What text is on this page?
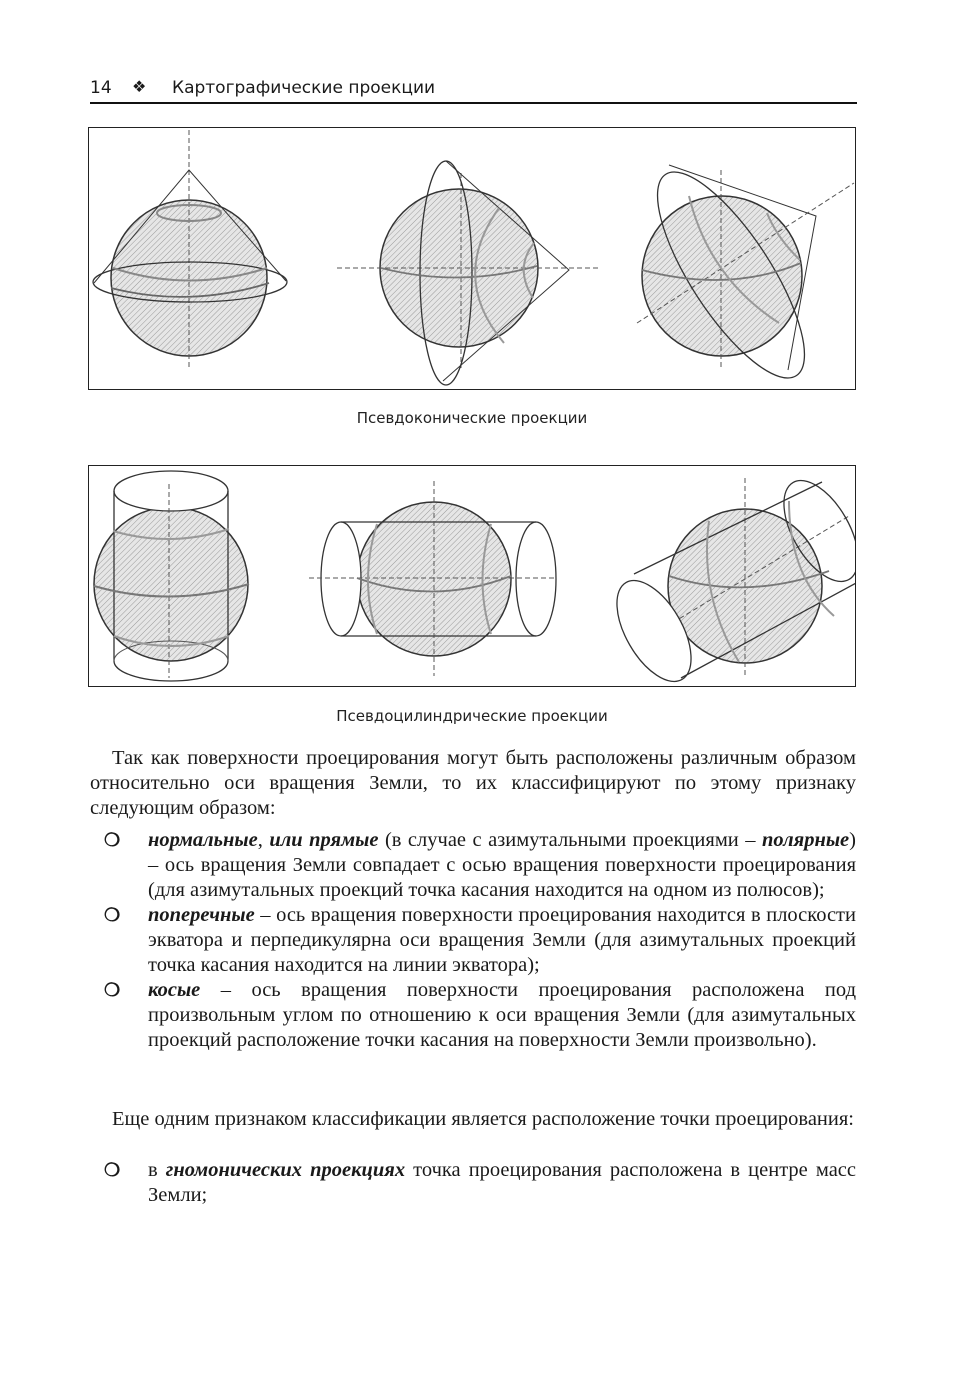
14 ❖ Картографические проекции
Псевдоконические проекции
Псевдоцилиндрические проекции

Так как поверхности проецирования могут быть расположены различным образом относительно оси вращения Земли, то их классифицируют по этому признаку следующим образом:

❍ нормальные, или прямые (в случае с азимутальными проекциями – полярные) – ось вращения Земли совпадает с осью вращения поверхности проецирования (для азимутальных проекций точка касания находится на одном из полюсов);
❍ поперечные – ось вращения поверхности проецирования находится в плоскости экватора и перпедикулярна оси вращения Земли (для азимутальных проекций точка касания находится на линии экватора);
❍ косые – ось вращения поверхности проецирования расположена под произвольным углом по отношению к оси вращения Земли (для азимутальных проекций расположение точки касания на поверхности Земли произвольно).

Еще одним признаком классификации является расположение точки проецирования:

❍ в гномонических проекциях точка проецирования расположена в центре масс Земли;
